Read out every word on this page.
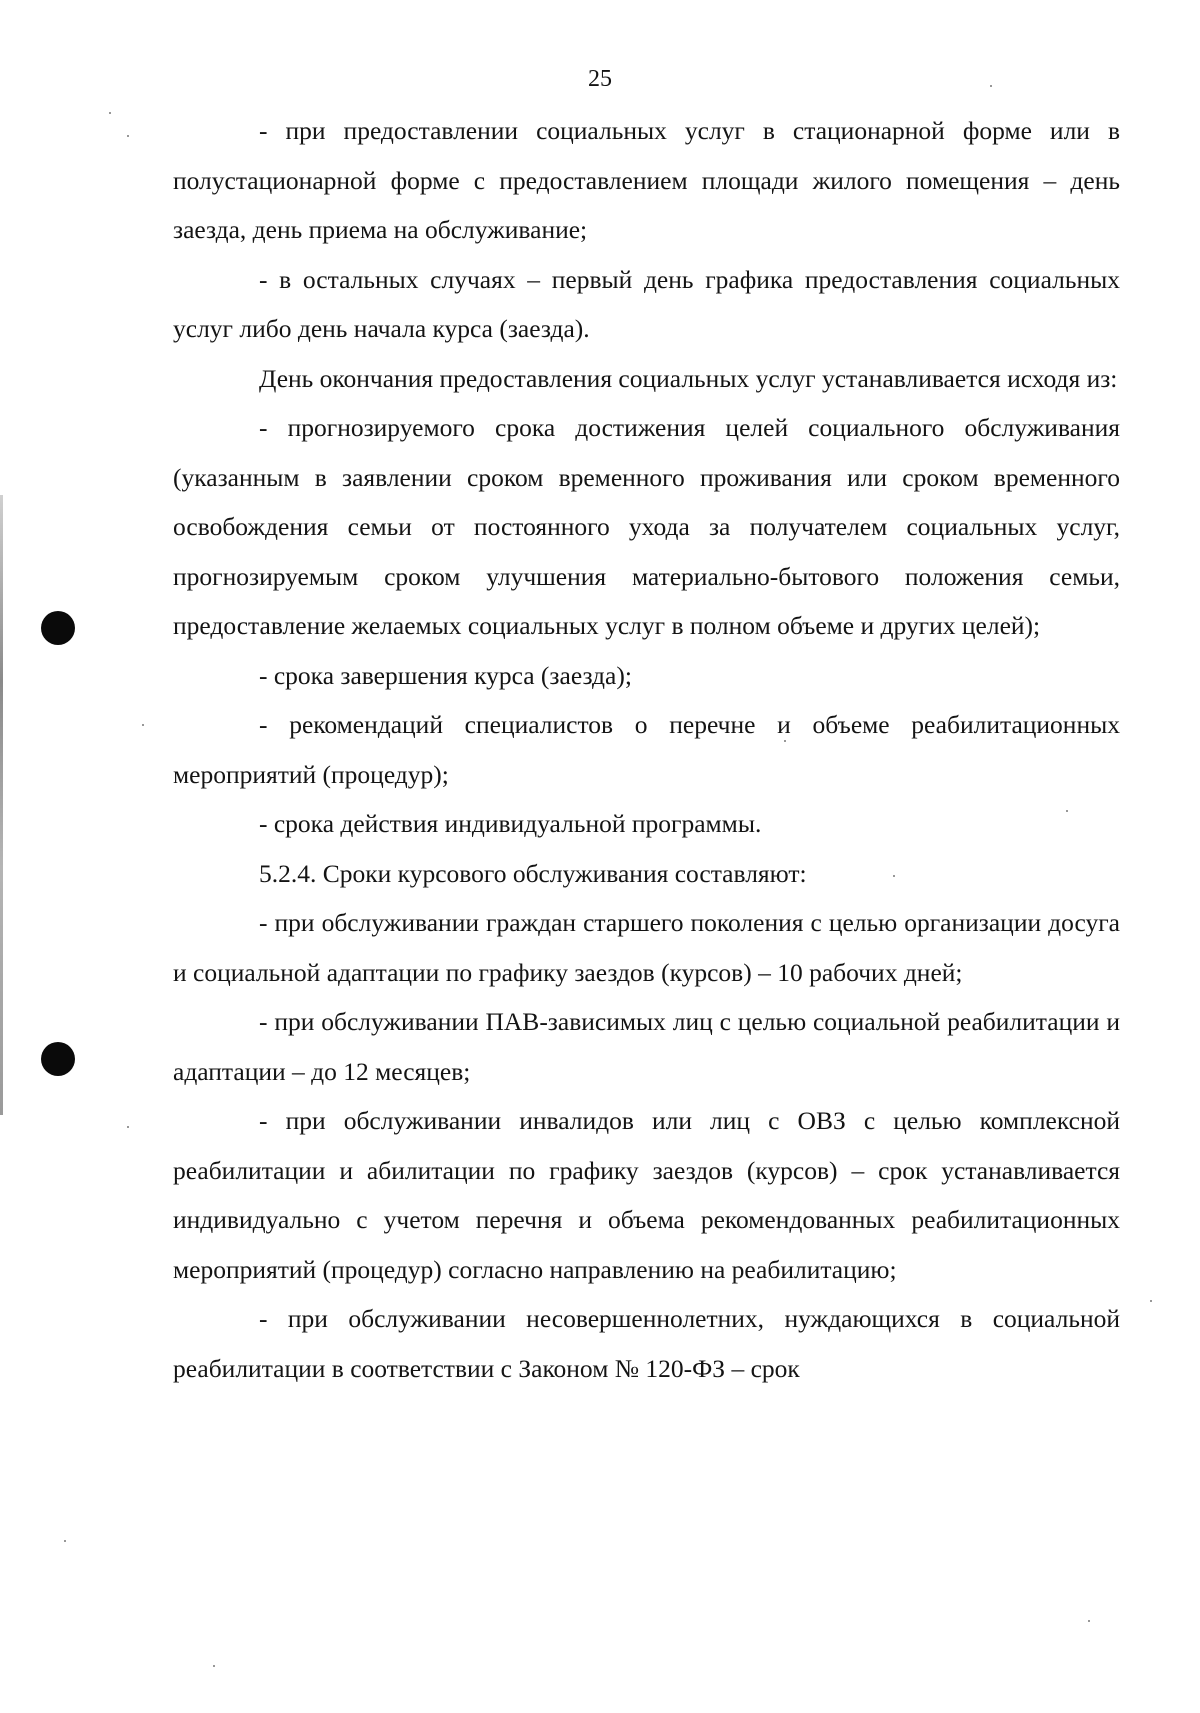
25

- при предоставлении социальных услуг в стационарной форме или в полустационарной форме с предоставлением площади жилого помещения – день заезда, день приема на обслуживание;

- в остальных случаях – первый день графика предоставления социальных услуг либо день начала курса (заезда).

День окончания предоставления социальных услуг устанавливается исходя из:

- прогнозируемого срока достижения целей социального обслуживания (указанным в заявлении сроком временного проживания или сроком временного освобождения семьи от постоянного ухода за получателем социальных услуг, прогнозируемым сроком улучшения материально-бытового положения семьи, предоставление желаемых социальных услуг в полном объеме и других целей);

- срока завершения курса (заезда);

- рекомендаций специалистов о перечне и объеме реабилитационных мероприятий (процедур);

- срока действия индивидуальной программы.

5.2.4. Сроки курсового обслуживания составляют:

- при обслуживании граждан старшего поколения с целью организации досуга и социальной адаптации по графику заездов (курсов) – 10 рабочих дней;

- при обслуживании ПАВ-зависимых лиц с целью социальной реабилитации и адаптации – до 12 месяцев;

- при обслуживании инвалидов или лиц с ОВЗ с целью комплексной реабилитации и абилитации по графику заездов (курсов) – срок устанавливается индивидуально с учетом перечня и объема рекомендованных реабилитационных мероприятий (процедур) согласно направлению на реабилитацию;

- при обслуживании несовершеннолетних, нуждающихся в социальной реабилитации в соответствии с Законом № 120-ФЗ – срок
